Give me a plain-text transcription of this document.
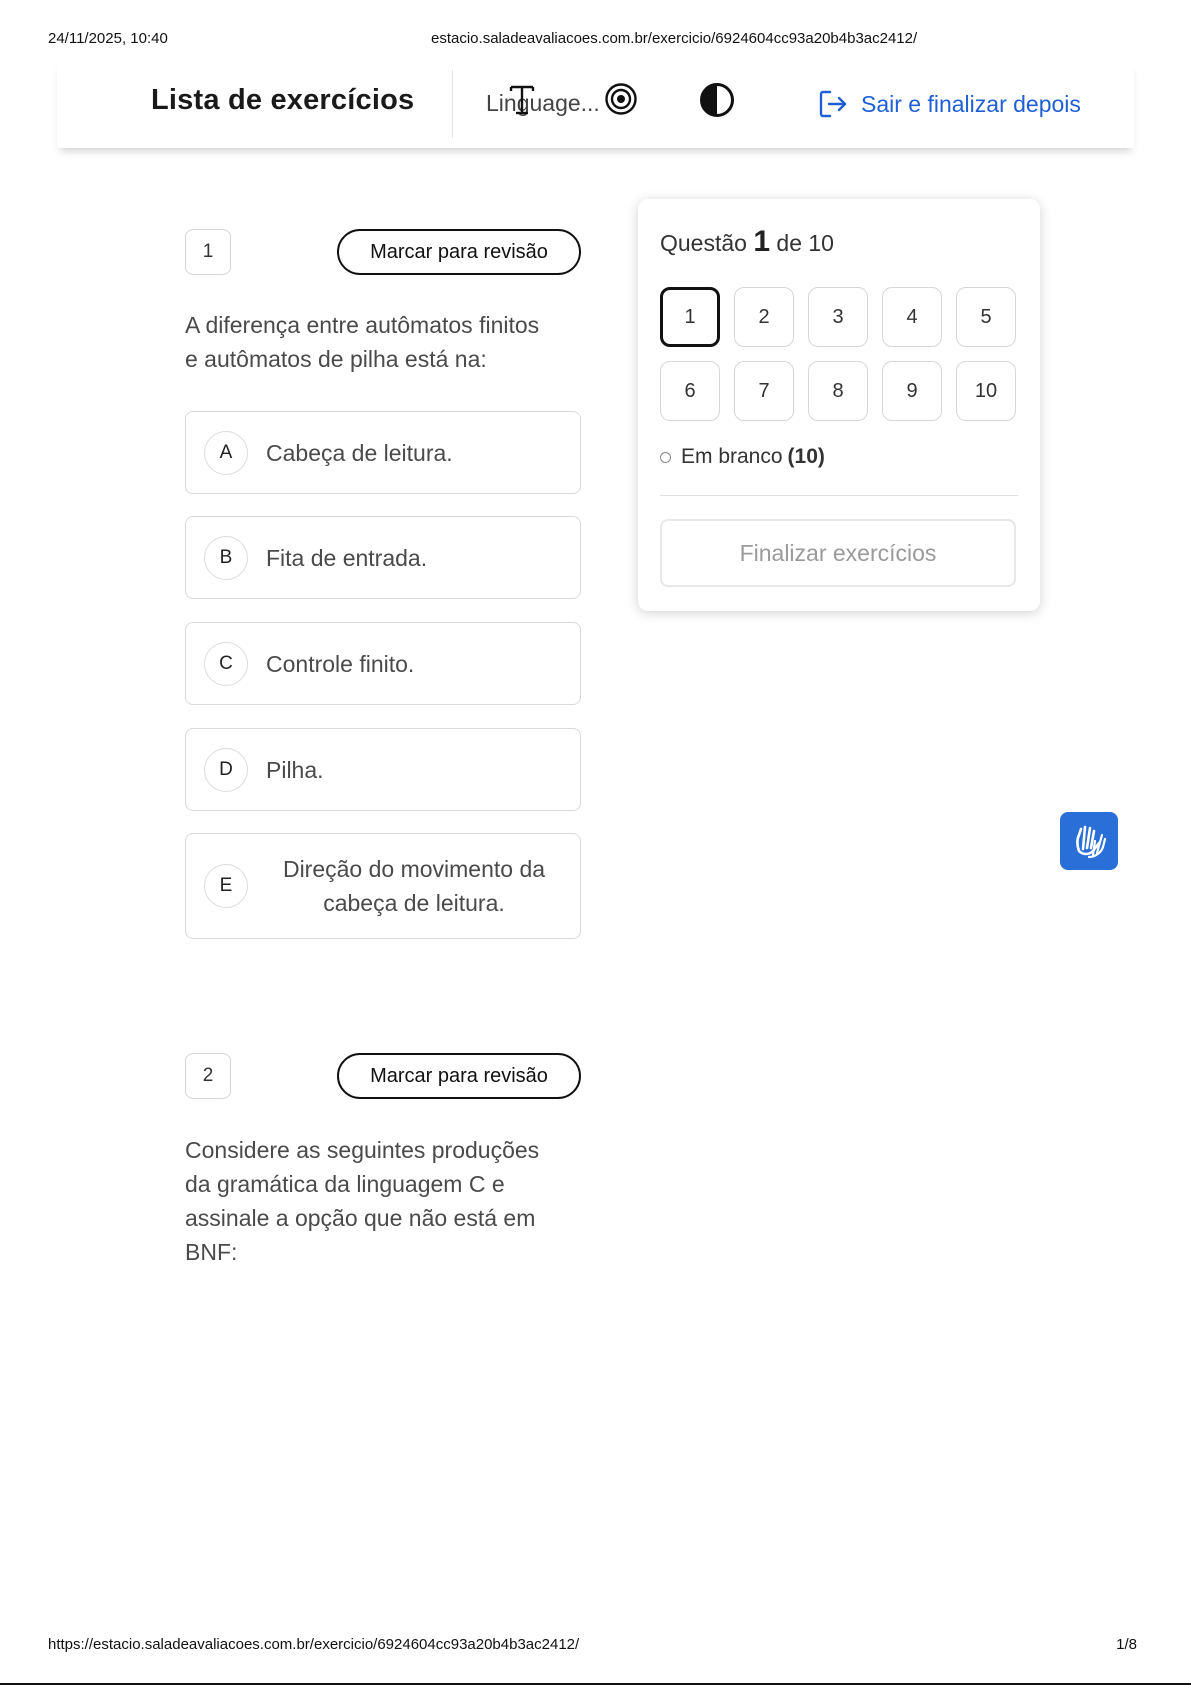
24/11/2025, 10:40	estacio.saladeavaliacoes.com.br/exercicio/6924604cc93a20b4b3ac2412/
Lista de exercícios	Linguage...	Sair e finalizar depois
1	Marcar para revisão
A diferença entre autômatos finitos
e autômatos de pilha está na:
A	Cabeça de leitura.
B	Fita de entrada.
C	Controle finito.
D	Pilha.
E
Direção do movimento da
cabeça de leitura.
2	Marcar para revisão
Considere as seguintes produções
da gramática da linguagem C e
assinale a opção que não está em
BNF:
Questão 1 de 10
1	2	3	4	5
6	7	8	9	10
Em branco (10)
Finalizar exercícios
https://estacio.saladeavaliacoes.com.br/exercicio/6924604cc93a20b4b3ac2412/	1/8
